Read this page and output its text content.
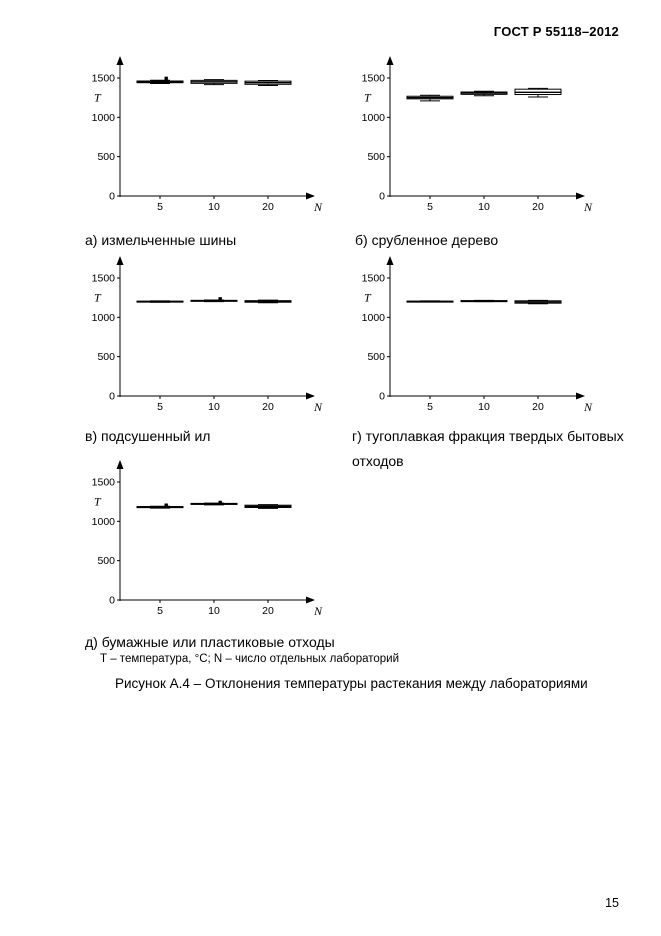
ГОСТ Р 55118–2012
0
500
1000
1500
5	10	20
T
N
0
500
1000
1500
5	10	20
T
N
0
500
1000
1500
5	10	20
T
N
0
500
1000
1500
5	10	20
T
N
0
500
1000
1500
5	10	20
T
N
а) измельченные шины	б) срубленное дерево
в) подсушенный ил	г) тугоплавкая фракция твердых бытовых отходов
д) бумажные или пластиковые отходы
Т – температура, °С; N – число отдельных лабораторий
Рисунок А.4 – Отклонения температуры растекания между лабораториями
15
